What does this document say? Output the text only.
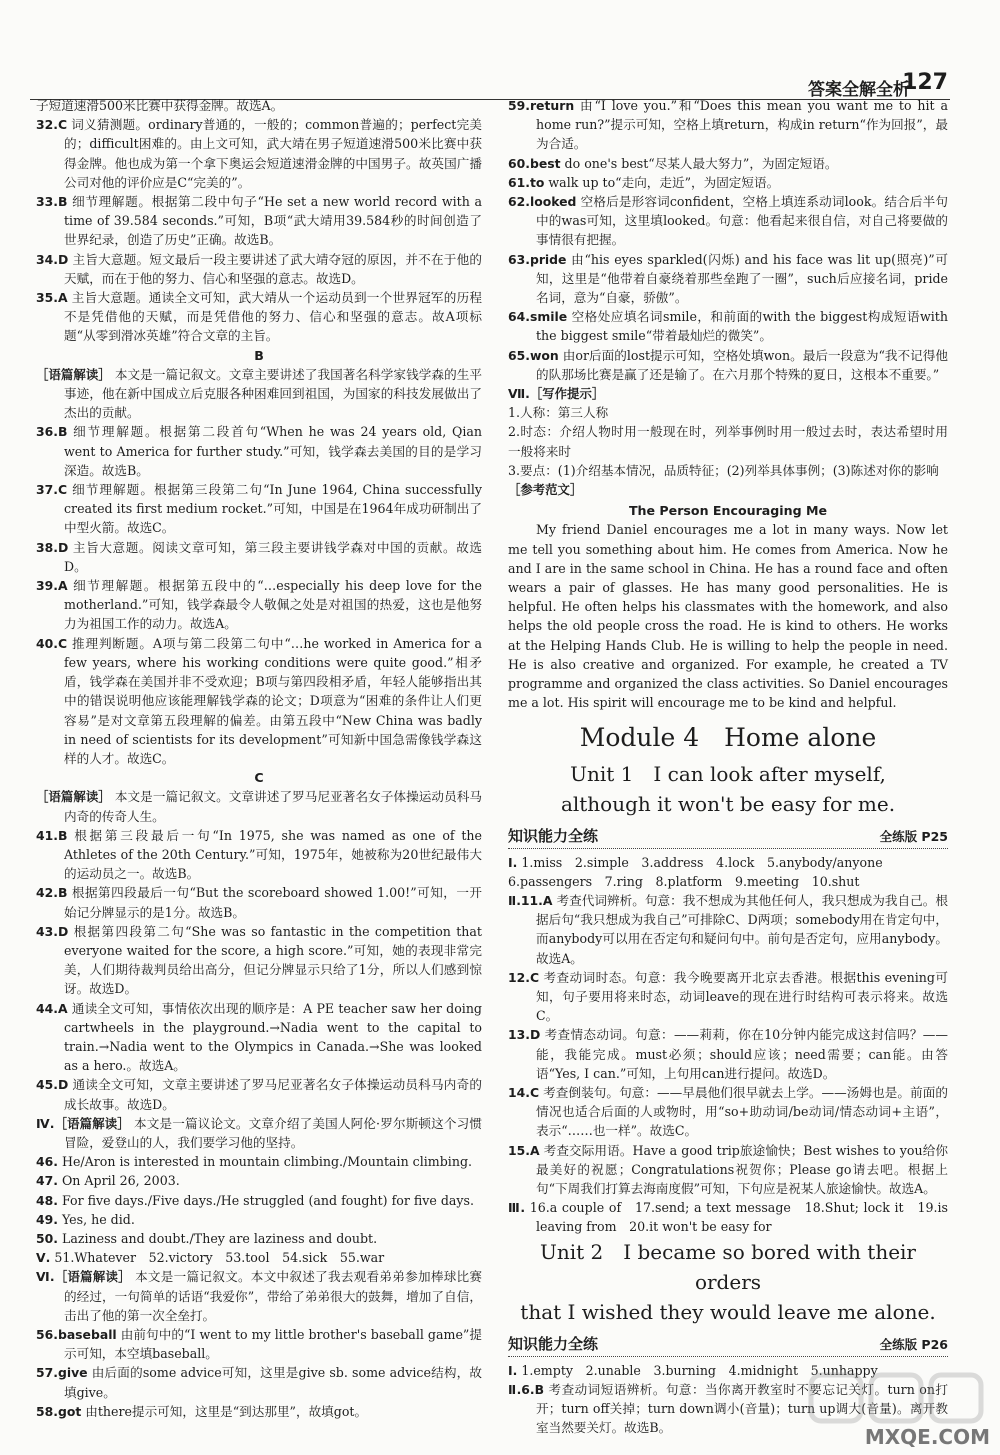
答案全解全析
127

子短道速滑500米比赛中获得金牌。故选A。

32.C 词义猜测题。ordinary普通的，一般的；common普遍的；perfect完美的；difficult困难的。由上文可知，武大靖在男子短道速滑500米比赛中获得金牌。他也成为第一个拿下奥运会短道速滑金牌的中国男子。故英国广播公司对他的评价应是C“完美的”。

33.B 细节理解题。根据第二段中句子“He set a new world record with a time of 39.584 seconds.”可知，B项“武大靖用39.584秒的时间创造了世界纪录，创造了历史”正确。故选B。

34.D 主旨大意题。短文最后一段主要讲述了武大靖夺冠的原因，并不在于他的天赋，而在于他的努力、信心和坚强的意志。故选D。

35.A 主旨大意题。通读全文可知，武大靖从一个运动员到一个世界冠军的历程不是凭借他的天赋，而是凭借他的努力、信心和坚强的意志。故A项标题“从零到滑冰英雄”符合文章的主旨。

B

［语篇解读］ 本文是一篇记叙文。文章主要讲述了我国著名科学家钱学森的生平事迹，他在新中国成立后克服各种困难回到祖国，为国家的科技发展做出了杰出的贡献。

36.B 细节理解题。根据第二段首句“When he was 24 years old, Qian went to America for further study.”可知，钱学森去美国的目的是学习深造。故选B。

37.C 细节理解题。根据第三段第二句“In June 1964, China successfully created its first medium rocket.”可知，中国是在1964年成功研制出了中型火箭。故选C。

38.D 主旨大意题。阅读文章可知，第三段主要讲钱学森对中国的贡献。故选D。

39.A 细节理解题。根据第五段中的“…especially his deep love for the motherland.”可知，钱学森最令人敬佩之处是对祖国的热爱，这也是他努力为祖国工作的动力。故选A。

40.C 推理判断题。A项与第二段第二句中“…he worked in America for a few years, where his working conditions were quite good.”相矛盾，钱学森在美国并非不受欢迎；B项与第四段相矛盾，年轻人能够指出其中的错误说明他应该能理解钱学森的论文；D项意为“困难的条件让人们更容易”是对文章第五段理解的偏差。由第五段中“New China was badly in need of scientists for its development”可知新中国急需像钱学森这样的人才。故选C。

C

［语篇解读］ 本文是一篇记叙文。文章讲述了罗马尼亚著名女子体操运动员科马内奇的传奇人生。

41.B 根据第三段最后一句“In 1975, she was named as one of the Athletes of the 20th Century.”可知，1975年，她被称为20世纪最伟大的运动员之一。故选B。

42.B 根据第四段最后一句“But the scoreboard showed 1.00!”可知，一开始记分牌显示的是1分。故选B。

43.D 根据第四段第二句“She was so fantastic in the competition that everyone waited for the score, a high score.”可知，她的表现非常完美，人们期待裁判员给出高分，但记分牌显示只给了1分，所以人们感到惊讶。故选D。

44.A 通读全文可知，事情依次出现的顺序是：A PE teacher saw her doing cartwheels in the playground.→Nadia went to the capital to train.→Nadia went to the Olympics in Canada.→She was looked as a hero.。故选A。

45.D 通读全文可知，文章主要讲述了罗马尼亚著名女子体操运动员科马内奇的成长故事。故选D。

Ⅳ.［语篇解读］ 本文是一篇议论文。文章介绍了美国人阿伦·罗尔斯顿这个习惯冒险，爱登山的人，我们要学习他的坚持。

46. He/Aron is interested in mountain climbing./Mountain climbing.

47. On April 26, 2003.

48. For five days./Five days./He struggled (and fought) for five days.

49. Yes, he did.

50. Laziness and doubt./They are laziness and doubt.

Ⅴ. 51.Whatever　52.victory　53.tool　54.sick　55.war

Ⅵ.［语篇解读］ 本文是一篇记叙文。本文中叙述了我去观看弟弟参加棒球比赛的经过，一句简单的话语“我爱你”，带给了弟弟很大的鼓舞，增加了自信，击出了他的第一次全垒打。

56.baseball 由前句中的“I went to my little brother's baseball game”提示可知，本空填baseball。

57.give 由后面的some advice可知，这里是give sb. some advice结构，故填give。

58.got 由there提示可知，这里是“到达那里”，故填got。

59.return 由“I love you.”和“Does this mean you want me to hit a home run?”提示可知，空格上填return，构成in return“作为回报”，最为合适。

60.best do one's best“尽某人最大努力”，为固定短语。

61.to walk up to“走向，走近”，为固定短语。

62.looked 空格后是形容词confident，空格上填连系动词look。结合后半句中的was可知，这里填looked。句意：他看起来很自信，对自己将要做的事情很有把握。

63.pride 由“his eyes sparkled(闪烁) and his face was lit up(照亮)”可知，这里是“他带着自豪绕着那些垒跑了一圈”，such后应接名词，pride名词，意为“自豪，骄傲”。

64.smile 空格处应填名词smile，和前面的with the biggest构成短语with the biggest smile“带着最灿烂的微笑”。

65.won 由or后面的lost提示可知，空格处填won。最后一段意为“我不记得他的队那场比赛是赢了还是输了。在六月那个特殊的夏日，这根本不重要。”

Ⅶ.［写作提示］

1.人称：第三人称

2.时态：介绍人物时用一般现在时，列举事例时用一般过去时，表达希望时用一般将来时

3.要点：(1)介绍基本情况，品质特征；(2)列举具体事例；(3)陈述对你的影响

［参考范文］

The Person Encouraging Me

My friend Daniel encourages me a lot in many ways. Now let me tell you something about him. He comes from America. Now he and I are in the same school in China. He has a round face and often wears a pair of glasses. He has many good personalities. He is helpful. He often helps his classmates with the homework, and also helps the old people cross the road. He is kind to others. He works at the Helping Hands Club. He is willing to help the people in need. He is also creative and organized. For example, he created a TV programme and organized the class activities. So Daniel encourages me a lot. His spirit will encourage me to be kind and helpful.

Module 4　Home alone
Unit 1　I can look after myself,
although it won't be easy for me.
知识能力全练	全练版 P25

Ⅰ. 1.miss　2.simple　3.address　4.lock　5.anybody/anyone

6.passengers　7.ring　8.platform　9.meeting　10.shut

Ⅱ.11.A 考查代词辨析。句意：我不想成为其他任何人，我只想成为我自己。根据后句“我只想成为我自己”可排除C、D两项；somebody用在肯定句中，而anybody可以用在否定句和疑问句中。前句是否定句，应用anybody。故选A。

12.C 考查动词时态。句意：我今晚要离开北京去香港。根据this evening可知，句子要用将来时态，动词leave的现在进行时结构可表示将来。故选C。

13.D 考查情态动词。句意：——莉莉，你在10分钟内能完成这封信吗？——能，我能完成。must必须；should应该；need需要；can能。由答语“Yes, I can.”可知，上句用can进行提问。故选D。

14.C 考查倒装句。句意：——早晨他们很早就去上学。——汤姆也是。前面的情况也适合后面的人或物时，用“so+助动词/be动词/情态动词+主语”，表示“……也一样”。故选C。

15.A 考查交际用语。Have a good trip旅途愉快；Best wishes to you给你最美好的祝愿；Congratulations祝贺你；Please go请去吧。根据上句“下周我们打算去海南度假”可知，下句应是祝某人旅途愉快。故选A。

Ⅲ. 16.a couple of　17.send; a text message　18.Shut; lock it　19.is leaving from　20.it won't be easy for

Unit 2　I became so bored with their orders
that I wished they would leave me alone.
知识能力全练	全练版 P26

Ⅰ. 1.empty　2.unable　3.burning　4.midnight　5.unhappy

Ⅱ.6.B 考查动词短语辨析。句意：当你离开教室时不要忘记关灯。turn on打开；turn off关掉；turn down调小(音量)；turn up调大(音量)。离开教室当然要关灯。故选B。	MXQE.COM
